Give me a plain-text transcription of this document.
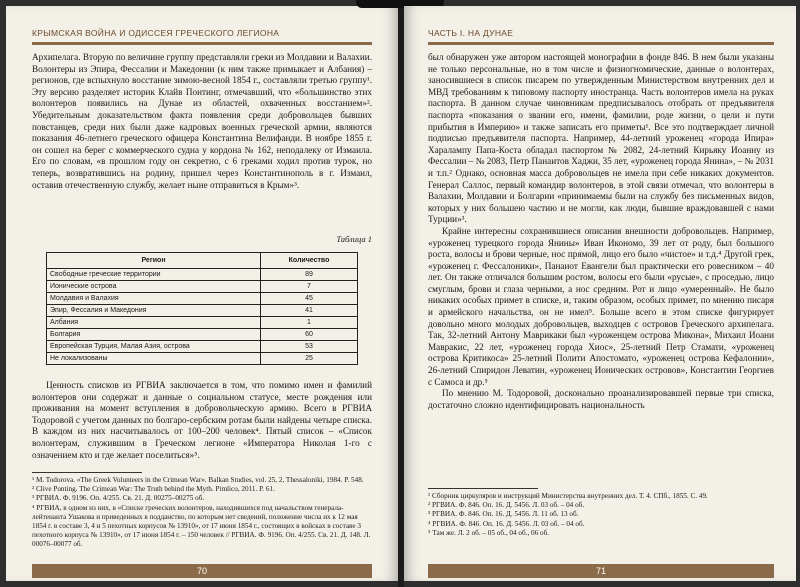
КРЫМСКАЯ ВОЙНА И ОДИССЕЯ ГРЕЧЕСКОГО ЛЕГИОНА

Архипелага. Вторую по величине группу представляли греки из Молдавии и Валахии. Волонтеры из Эпира, Фессалии и Македонии (к ним также примыкает и Албания) – регионов, где вспыхнуло восстание зимою-весной 1854 г., составляли третью группу¹. Эту версию разделяет историк Клайв Понтинг, отмечавший, что «большинство этих волонтеров появились на Дунае из областей, охваченных восстанием»². Убедительным доказательством факта появления среди добровольцев бывших повстанцев, среди них были даже кадровых военных греческой армии, являются показания 46-летнего греческого офицера Константина Велифанди. В ноябре 1855 г. он сошел на берег с коммерческого судна у кордона № 162, неподалеку от Измаила. Его по словам, «в прошлом году он секретно, с 6 греками ходил против турок, но теперь, возвратившись на родину, пришел через Константинополь в г. Измаил, оставив отечественную службу, желает ныне отправиться в Крым»³.

Таблица 1
Регион	Количество
Свободные греческие территории	89
Ионические острова	7
Молдавия и Валахия	45
Эпир, Фессалия и Македония	41
Албания	1
Болгария	60
Европейская Турция, Малая Азия, острова	53
Не локализованы	25

Ценность списков из РГВИА заключается в том, что помимо имен и фамилий волонтеров они содержат и данные о социальном статусе, месте рождения или проживания на момент вступления в добровольческую армию. Всего в РГВИА Тодоровой с учетом данных по болгаро-сербским ротам были найдены четыре списка. В каждом из них насчитывалось от 100–200 человек⁴. Пятый список – «Список волонтерам, служившим в Греческом легионе «Императора Николая 1-го с означением кто и где желает поселиться»⁵.

¹ M. Todorova. «The Greek Volunteers in the Crimean War». Balkan Studies, vol. 25, 2, Thessaloniki, 1984. P. 548.
² Clive Ponting. The Crimean War: The Truth behind the Myth. Pimlico, 2011. P. 61.
³ РГВИА. Ф. 9196. Оп. 4/255. Св. 21. Д. 00275–00275 об.
⁴ РГВИА, в одном из них, в «Списке греческих волонтеров, находившихся под начальством генерала-лейтенанта Ушакова и приведенных в подданство, по которым нет сведений, положение числа их к 12 мая 1854 г. в составе 3, 4 и 5 пехотных корпусов № 13910», от 17 июня 1854 г., состоящих в войсках в составе 3 пехотного корпуса № 13910», от 17 июня 1854 г. – 150 человек // РГВИА. Ф. 9196. Оп. 4/255. Св. 21. Д. 148. Л. 00076–00077 об.
70
ЧАСТЬ I. НА ДУНАЕ

был обнаружен уже автором настоящей монографии в фонде 846. В нем были указаны не только персональные, но в том числе и физиогномические, данные о волонтерах, заносившиеся в список писарем по утвержденным Министерством внутренних дел и МВД требованиям к типовому паспорту иностранца. Часть волонтеров имела на руках паспорта. В данном случае чиновникам предписывалось отобрать от предъявителя паспорта «показания о звании его, имени, фамилии, роде жизни, о цели и пути прибытия в Империю» и также записать его приметы¹. Все это подтверждает личной подписью предъявителя паспорта. Например, 44-летний уроженец «города Ипира» Харалампу Папа-Коста обладал паспортом № 2082, 24-летний Кирьяку Иоанну из Фессалии – № 2083, Петр Панаитов Хаджи, 35 лет, «уроженец города Янина», – № 2031 и т.п.² Однако, основная масса добровольцев не имела при себе никаких документов. Генерал Саллос, первый командир волонтеров, в этой связи отмечал, что волонтеры в Валахии, Молдавии и Болгарии «принимаемы были на службу без письменных видов, которых у них большею частию и не могли, как люди, бывшие враждовавшей с нами Турции»³.

Крайне интересны сохранившиеся описания внешности добровольцев. Например, «уроженец турецкого города Янины» Иван Икономо, 39 лет от роду, был большого роста, волосы и брови черные, нос прямой, лицо его было «чистое» и т.д.⁴ Другой грек, «уроженец г. Фессалоники», Панаиот Евангели был практически его ровесником – 40 лет. Он также отличался большим ростом, волосы его были «русые», с проседью, лицо смуглым, брови и глаза черными, а нос средним. Рот и лицо «умеренный». Не было никаких особых примет в списке, и, таким образом, особых примет, по мнению писаря и армейского начальства, он не имел⁵. Больше всего в этом списке фигурирует довольно много молодых добровольцев, выходцев с островов Греческого архипелага. Так, 32-летний Антону Маврикаки был «уроженцем острова Микона», Михаил Иоани Мавракис, 22 лет, «уроженец города Хиос», 25-летний Петр Стамати, «уроженец острова Критикоса» 25-летний Полити Апостомато, «уроженец острова Кефалонии», 26-летний Спиридон Леватин, «уроженец Ионических островов», Константин Георгиев с Самоса и др.⁵

По мнению М. Тодоровой, досконально проанализировавшей первые три списка, достаточно сложно идентифицировать национальность

¹ Сборник циркуляров и инструкций Министерства внутренних дел. Т. 4. СПб., 1855. С. 49.
² РГВИА. Ф. 846. Оп. 16. Д. 5456. Л. 03 об. – 04 об.
³ РГВИА. Ф. 846. Оп. 16. Д. 5456. Л. 11 об. 13 об.
⁴ РГВИА. Ф. 846. Оп. 16. Д. 5456. Л. 03 об. – 04 об.
⁵ Там же. Л. 2 об. – 05 об., 04 об., 06 об.
71
